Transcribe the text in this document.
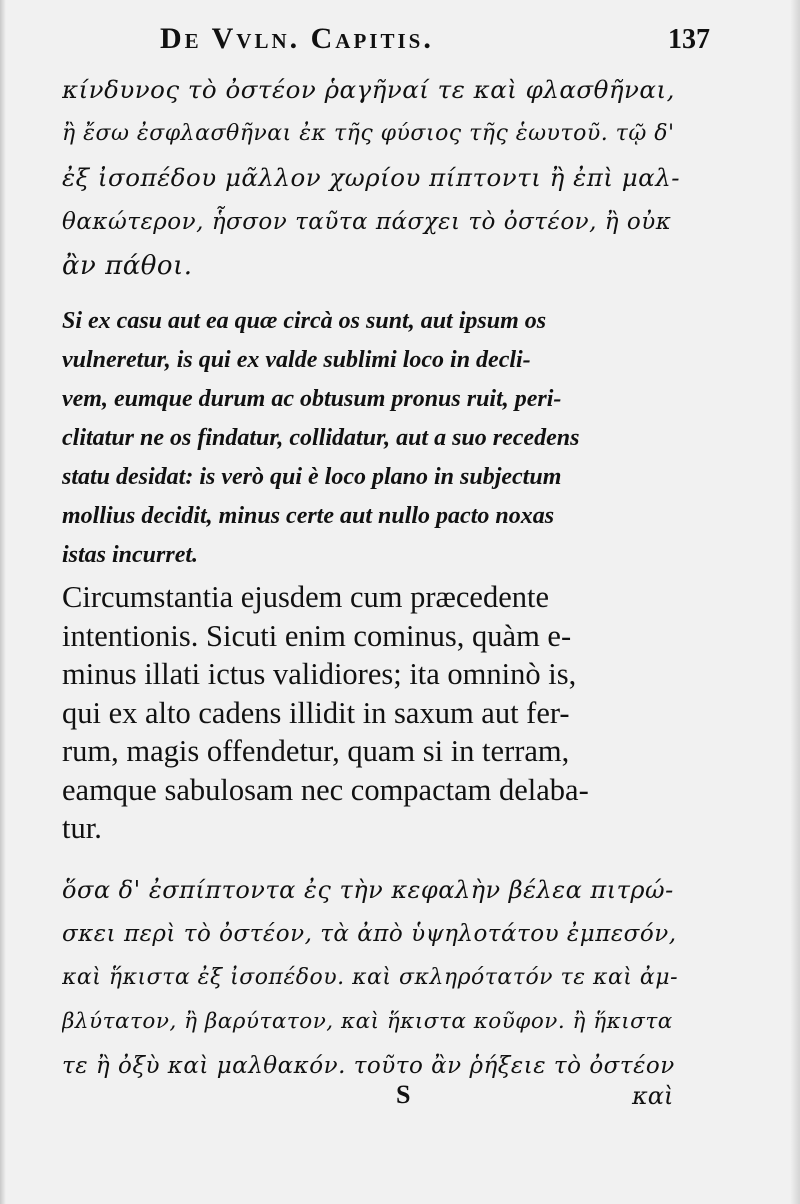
De Vvln. Capitis.	137
κίνδυνος τὸ ὀστέον ῥαγῆναί τε καὶ φλασθῆναι,
ἢ ἔσω ἐσφλασθῆναι ἐκ τῆς φύσιος τῆς ἑωυτοῦ. τῷ δ'
ἐξ ἰσοπέδου μᾶλλον χωρίου πίπτοντι ἢ ἐπὶ μαλ-
θακώτερον, ἧσσον ταῦτα πάσχει τὸ ὀστέον, ἢ οὐκ
ἂν πάθοι.
Si ex casu aut ea quæ circà os sunt, aut ipsum os
vulneretur, is qui ex valde sublimi loco in decli-
vem, eumque durum ac obtusum pronus ruit, peri-
clitatur ne os findatur, collidatur, aut a suo recedens
statu desidat: is verò qui è loco plano in subjectum
mollius decidit, minus certe aut nullo pacto noxas
istas incurret.
Circumstantia ejusdem cum præcedente
intentionis. Sicuti enim cominus, quàm e-
minus illati ictus validiores; ita omninò is,
qui ex alto cadens illidit in saxum aut fer-
rum, magis offendetur, quam si in terram,
eamque sabulosam nec compactam delaba-
tur.
ὅσα δ' ἐσπίπτοντα ἐς τὴν κεφαλὴν βέλεα πιτρώ-
σκει περὶ τὸ ὀστέον, τὰ ἀπὸ ὑψηλοτάτου ἐμπεσόν,
καὶ ἥκιστα ἐξ ἰσοπέδου. καὶ σκληρότατόν τε καὶ ἀμ-
βλύτατον, ἢ βαρύτατον, καὶ ἥκιστα κοῦφον. ἢ ἥκιστα
τε ἢ ὀξὺ καὶ μαλθακόν. τοῦτο ἂν ῥήξειε τὸ ὀστέον
S	καὶ
